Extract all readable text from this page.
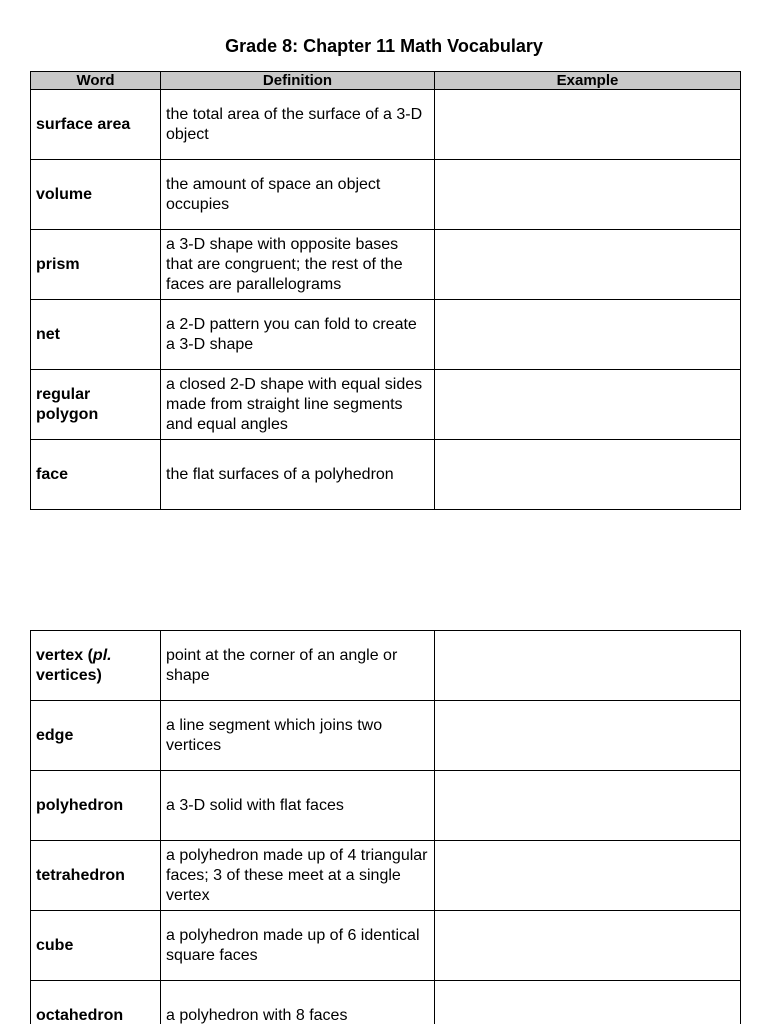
Grade 8: Chapter 11 Math Vocabulary
Word	Definition	Example
surface area	the total area of the surface of a 3-D object	
volume	the amount of space an object occupies	
prism	a 3-D shape with opposite bases that are congruent; the rest of the faces are parallelograms	
net	a 2-D pattern you can fold to create a 3-D shape	
regular polygon	a closed 2-D shape with equal sides made from straight line segments and equal angles	
face	the flat surfaces of a polyhedron	
vertex (pl. vertices)	point at the corner of an angle or shape	
edge	a line segment which joins two vertices	
polyhedron	a 3-D solid with flat faces	
tetrahedron	a polyhedron made up of 4 triangular faces; 3 of these meet at a single vertex	
cube	a polyhedron made up of 6 identical square faces	
octahedron	a polyhedron with 8 faces	
